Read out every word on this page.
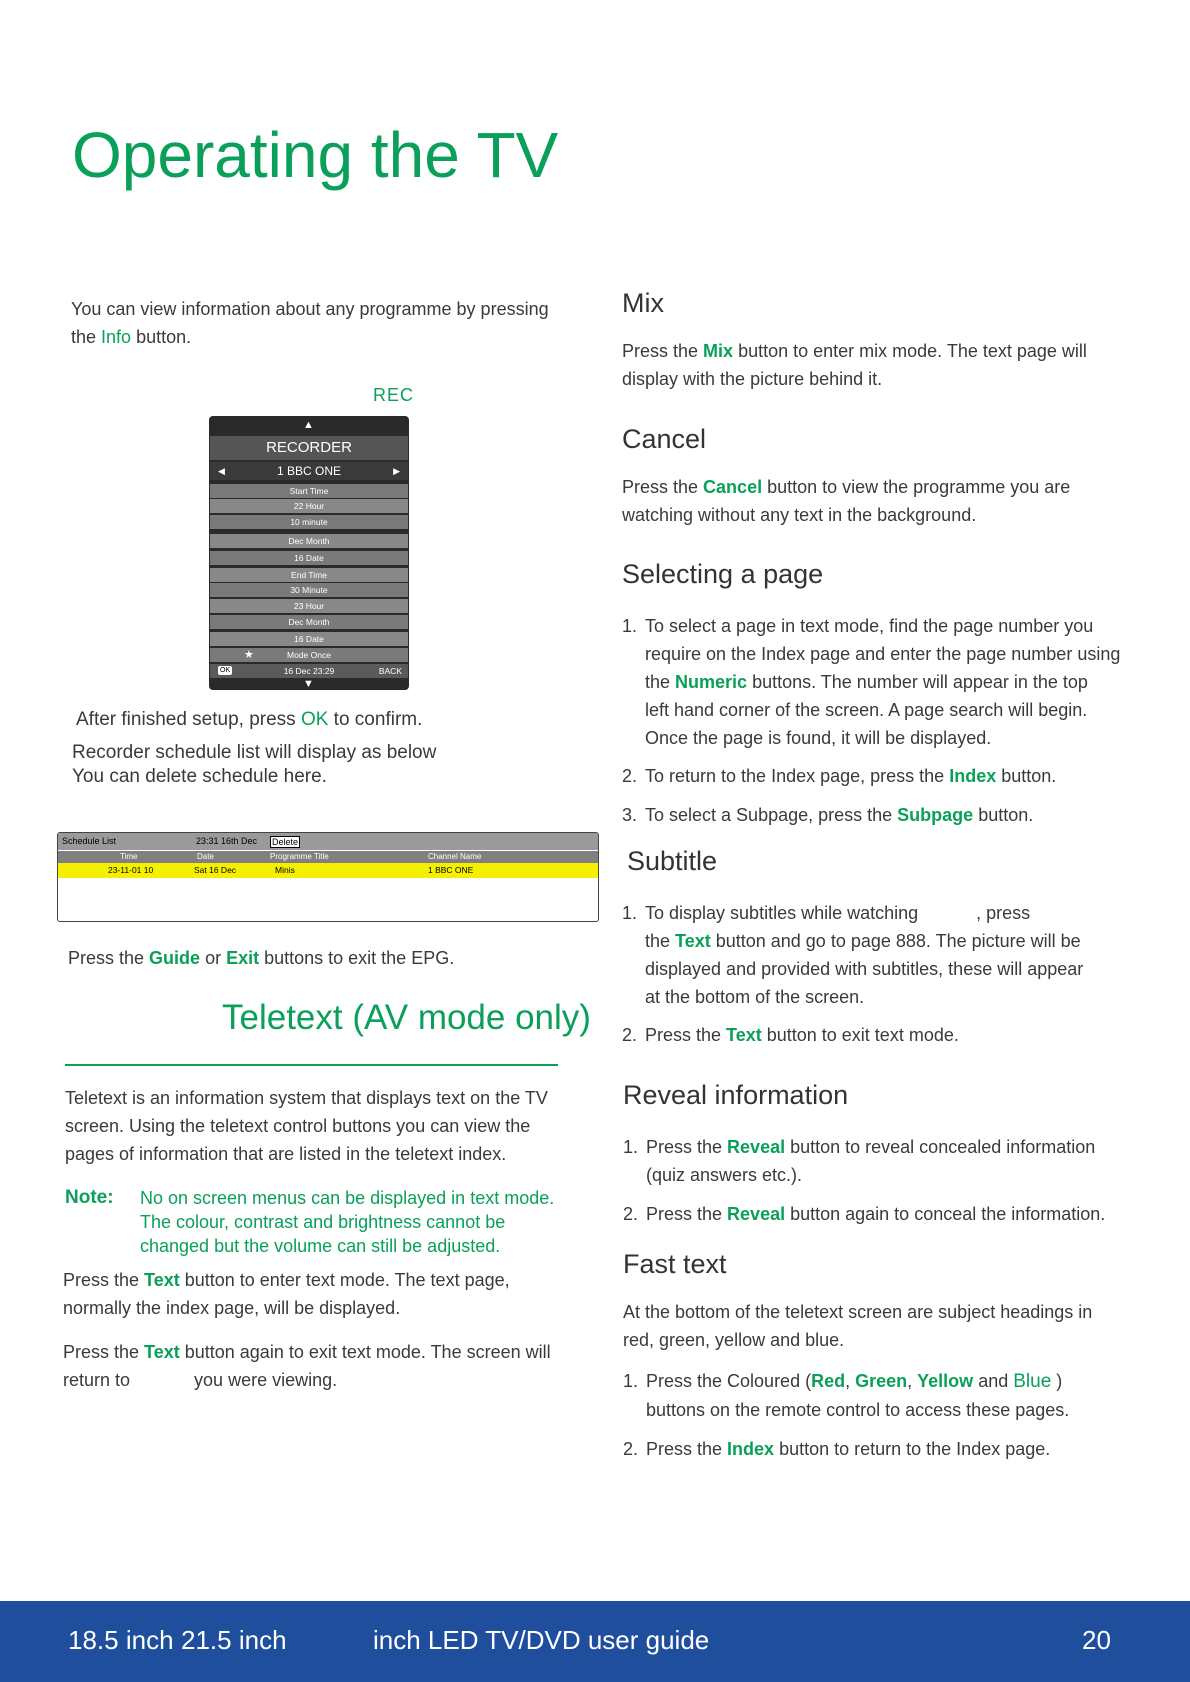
Operating the TV

You can view information about any programme by pressing
the Info button.

REC
▲
RECORDER
◀	1 BBC ONE	▶
Start Time
22 Hour
10 minute
Dec Month
16 Date
End Time
30 Minute
23 Hour
Dec Month
16 Date
★	Mode Once
OK	16 Dec 23:29	BACK
▼

After finished setup, press OK to confirm.

Recorder schedule list will display as below
You can delete schedule here.

Schedule List	23:31 16th Dec Delete
Time	Date	Programme Title	Channel Name
23-11-01 10	Sat 16 Dec	Minis	1 BBC ONE

Press the Guide or Exit buttons to exit the EPG.

Teletext (AV mode only)

Teletext is an information system that displays text on the TV
screen. Using the teletext control buttons you can view the
pages of information that are listed in the teletext index.

Note: No on screen menus can be displayed in text mode.
The colour, contrast and brightness cannot be
changed but the volume can still be adjusted.

Press the Text button to enter text mode. The text page,
normally the index page, will be displayed.

Press the Text button again to exit text mode. The screen will
return to	you were viewing.

Mix

Press the Mix button to enter mix mode. The text page will
display with the picture behind it.

Cancel

Press the Cancel button to view the programme you are
watching without any text in the background.

Selecting a page
1. To select a page in text mode, find the page number you
require on the Index page and enter the page number using
the Numeric buttons. The number will appear in the top
left hand corner of the screen. A page search will begin.
Once the page is found, it will be displayed.
2. To return to the Index page, press the Index button.
3. To select a Subpage, press the Subpage button.
Subtitle
1. To display subtitles while watching	, press
the Text button and go to page 888. The picture will be
displayed and provided with subtitles, these will appear
at the bottom of the screen.
2. Press the Text button to exit text mode.
Reveal information
1. Press the Reveal button to reveal concealed information
(quiz answers etc.).
2. Press the Reveal button again to conceal the information.
Fast text

At the bottom of the teletext screen are subject headings in
red, green, yellow and blue.

1. Press the Coloured (Red, Green, Yellow and Blue )
buttons on the remote control to access these pages.
2. Press the Index button to return to the Index page.
18.5 inch 21.5 inch	inch LED TV/DVD user guide	20
